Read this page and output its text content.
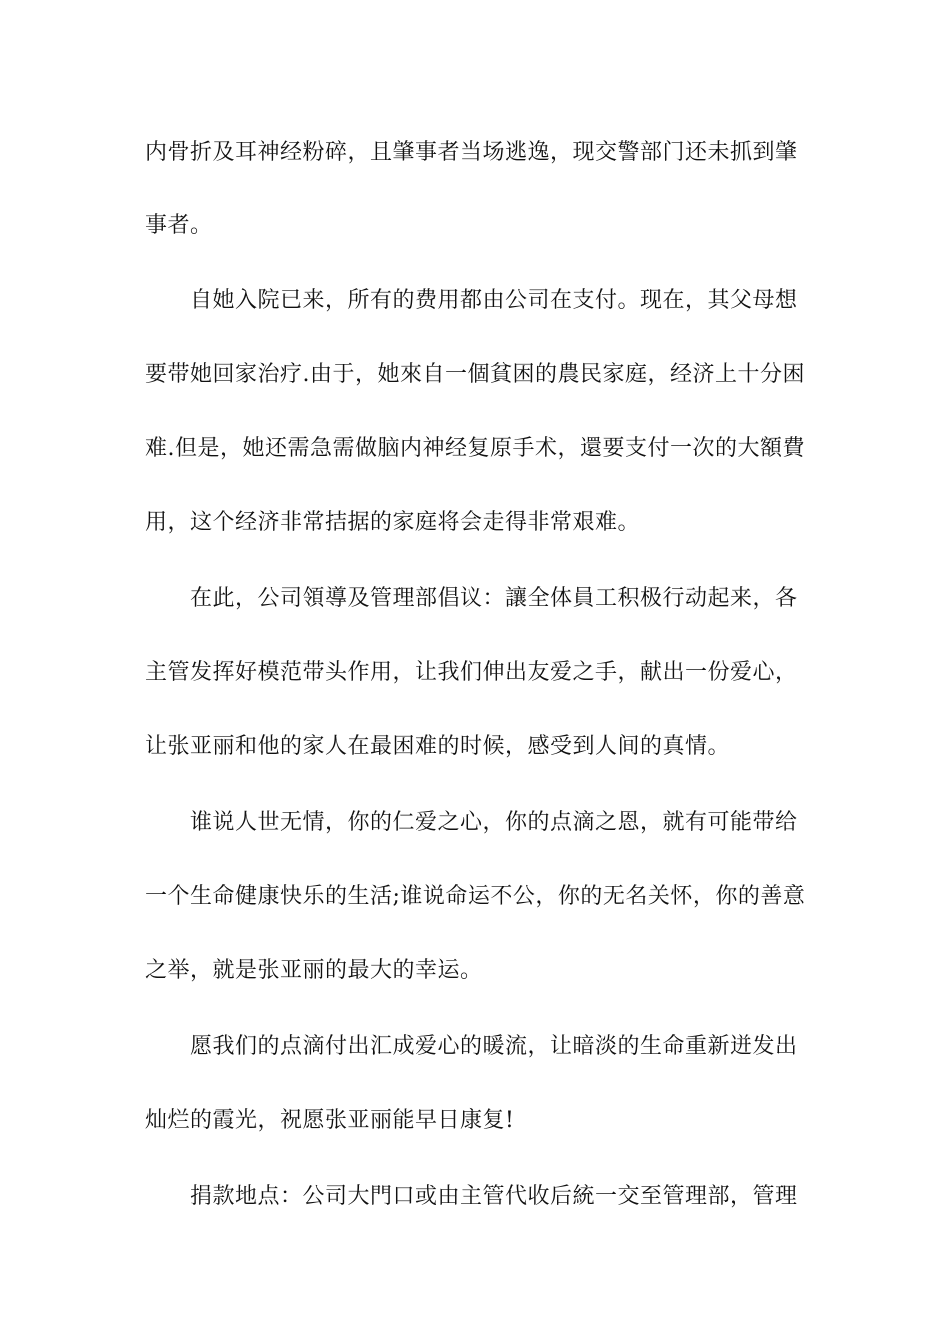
内骨折及耳神经粉碎，且肇事者当场逃逸，现交警部门还未抓到肇
事者。
自她入院已来，所有的费用都由公司在支付。现在，其父母想
要带她回家治疗.由于，她來自一個貧困的農民家庭，经济上十分困
难.但是，她还需急需做脑内神经复原手术，還要支付一次的大額費
用，这个经济非常拮据的家庭将会走得非常艰难。
在此，公司領導及管理部倡议：讓全体員工积极行动起来，各
主管发挥好模范带头作用，让我们伸出友爱之手，献出一份爱心，
让张亚丽和他的家人在最困难的时候，感受到人间的真情。
谁说人世无情，你的仁爱之心，你的点滴之恩，就有可能带给
一个生命健康快乐的生活;谁说命运不公，你的无名关怀，你的善意
之举，就是张亚丽的最大的幸运。
愿我们的点滴付出汇成爱心的暖流，让暗淡的生命重新迸发出
灿烂的霞光，祝愿张亚丽能早日康复!
捐款地点：公司大門口或由主管代收后統一交至管理部，管理
